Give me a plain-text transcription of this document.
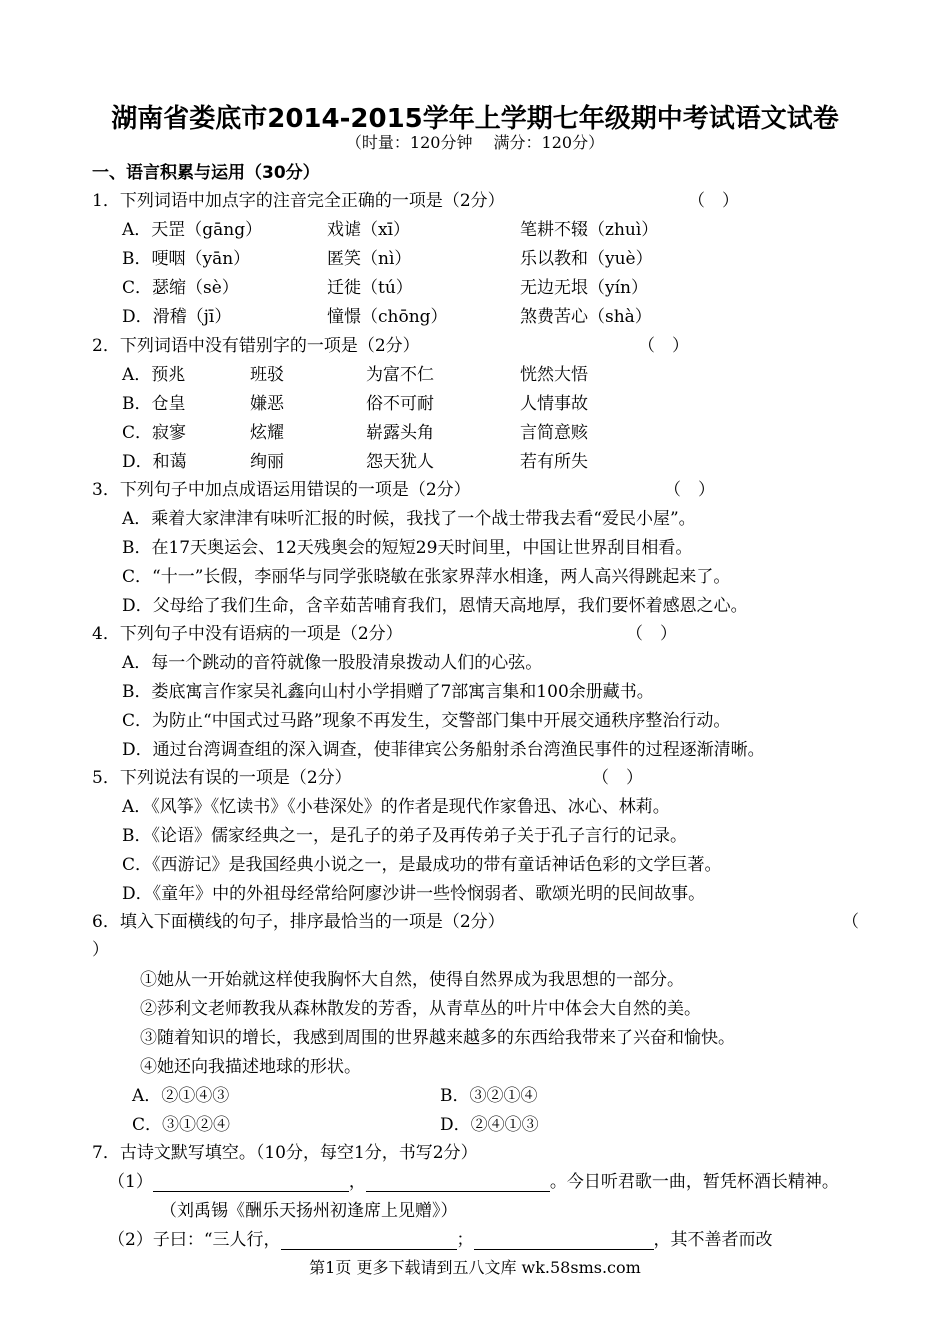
湖南省娄底市2014-2015学年上学期七年级期中考试语文试卷
（时量：120分钟　 满分：120分）
一、语言积累与运用（30分）
1．下列词语中加点字的注音完全正确的一项是（2分）	（　）
A．天罡（gāng）	戏谑（xī）	笔耕不辍（zhuì）
B．哽咽（yān）	匿笑（nì）	乐以教和（yuè）
C．瑟缩（sè）	迁徙（tú）	无边无垠（yín）
D．滑稽（jī）	憧憬（chōng）	煞费苦心（shà）
2．下列词语中没有错别字的一项是（2分）	（　）
A．预兆	班驳	为富不仁	恍然大悟
B．仓皇	嫌恶	俗不可耐	人情事故
C．寂寥	炫耀	崭露头角	言简意赅
D．和蔼	绚丽	怨天犹人	若有所失
3．下列句子中加点成语运用错误的一项是（2分）	（　）
A．乘着大家津津有味听汇报的时候，我找了一个战士带我去看“爱民小屋”。
B．在17天奥运会、12天残奥会的短短29天时间里，中国让世界刮目相看。
C．“十一”长假，李丽华与同学张晓敏在张家界萍水相逢，两人高兴得跳起来了。
D．父母给了我们生命，含辛茹苦哺育我们，恩情天高地厚，我们要怀着感恩之心。
4．下列句子中没有语病的一项是（2分）	（　）
A．每一个跳动的音符就像一股股清泉拨动人们的心弦。
B．娄底寓言作家吴礼鑫向山村小学捐赠了7部寓言集和100余册藏书。
C．为防止“中国式过马路”现象不再发生，交警部门集中开展交通秩序整治行动。
D．通过台湾调查组的深入调查，使菲律宾公务船射杀台湾渔民事件的过程逐渐清晰。
5．下列说法有误的一项是（2分）	（　）
A．《风筝》《忆读书》《小巷深处》的作者是现代作家鲁迅、冰心、林莉。
B．《论语》儒家经典之一，是孔子的弟子及再传弟子关于孔子言行的记录。
C．《西游记》是我国经典小说之一，是最成功的带有童话神话色彩的文学巨著。
D．《童年》中的外祖母经常给阿廖沙讲一些怜悯弱者、歌颂光明的民间故事。
6．填入下面横线的句子，排序最恰当的一项是（2分）	（
）
①她从一开始就这样使我胸怀大自然，使得自然界成为我思想的一部分。
②莎利文老师教我从森林散发的芳香，从青草丛的叶片中体会大自然的美。
③随着知识的增长，我感到周围的世界越来越多的东西给我带来了兴奋和愉快。
④她还向我描述地球的形状。
A．②①④③	B．③②①④
C．③①②④	D．②④①③
7．古诗文默写填空。（10分，每空1分，书写2分）
（1）	，	。今日听君歌一曲，暂凭杯酒长精神。
（刘禹锡《酬乐天扬州初逢席上见赠》）
（2）子曰：“三人行，	；	，其不善者而改
第1页 更多下载请到五八文库 wk.58sms.com
